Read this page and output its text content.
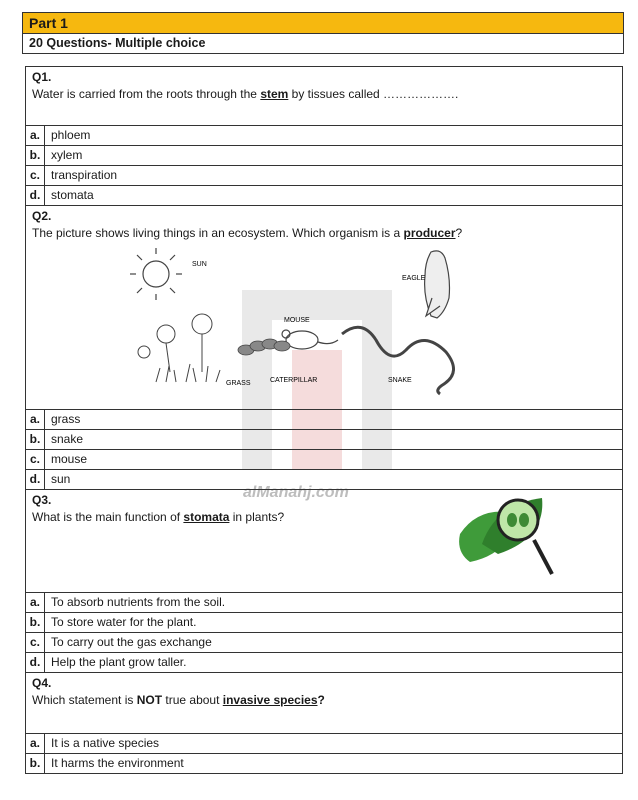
Part 1
20 Questions- Multiple choice
alManahj.com
Q1.
Water is carried from the roots through the stem by tissues called ……………….
a. phloem
b. xylem
c. transpiration
d. stomata
Q2.
The picture shows living things in an ecosystem. Which organism is a producer?
SUN
EAGLE
MOUSE
SNAKE
CATERPILLAR
GRASS
a. grass
b. snake
c. mouse
d. sun
Q3.
What is the main function of stomata in plants?
a. To absorb nutrients from the soil.
b. To store water for the plant.
c. To carry out the gas exchange
d. Help the plant grow taller.
Q4.
Which statement is NOT true about invasive species?
a. It is a native species
b. It harms the environment
